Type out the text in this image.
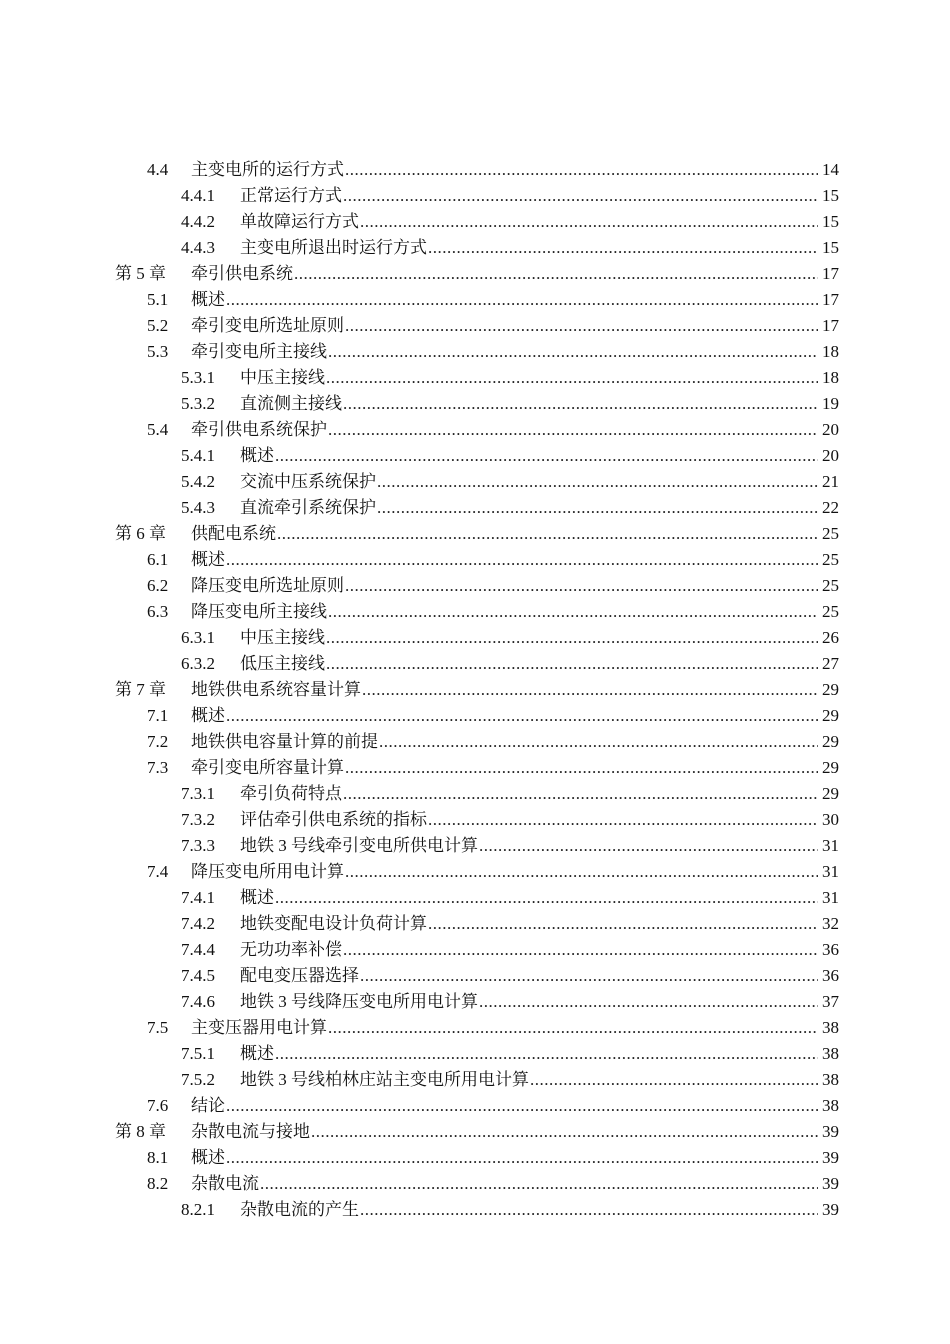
4.4 主变电所的运行方式 .....	14
4.4.1 正常运行方式 .....	15
4.4.2 单故障运行方式 .....	15
4.4.3 主变电所退出时运行方式 .....	15
第 5 章 牵引供电系统 .....	17
5.1 概述 .....	17
5.2 牵引变电所选址原则 .....	17
5.3 牵引变电所主接线 .....	18
5.3.1 中压主接线 .....	18
5.3.2 直流侧主接线 .....	19
5.4 牵引供电系统保护 .....	20
5.4.1 概述 .....	20
5.4.2 交流中压系统保护 .....	21
5.4.3 直流牵引系统保护 .....	22
第 6 章 供配电系统 .....	25
6.1 概述 .....	25
6.2 降压变电所选址原则 .....	25
6.3 降压变电所主接线 .....	25
6.3.1 中压主接线 .....	26
6.3.2 低压主接线 .....	27
第 7 章 地铁供电系统容量计算 .....	29
7.1 概述 .....	29
7.2 地铁供电容量计算的前提 .....	29
7.3 牵引变电所容量计算 .....	29
7.3.1 牵引负荷特点 .....	29
7.3.2 评估牵引供电系统的指标 .....	30
7.3.3 地铁 3 号线牵引变电所供电计算 .....	31
7.4 降压变电所用电计算 .....	31
7.4.1 概述 .....	31
7.4.2 地铁变配电设计负荷计算 .....	32
7.4.4 无功功率补偿 .....	36
7.4.5 配电变压器选择 .....	36
7.4.6 地铁 3 号线降压变电所用电计算 .....	37
7.5 主变压器用电计算 .....	38
7.5.1 概述 .....	38
7.5.2 地铁 3 号线柏林庄站主变电所用电计算 .....	38
7.6 结论 .....	38
第 8 章 杂散电流与接地 .....	39
8.1 概述 .....	39
8.2 杂散电流 .....	39
8.2.1 杂散电流的产生 .....	39
